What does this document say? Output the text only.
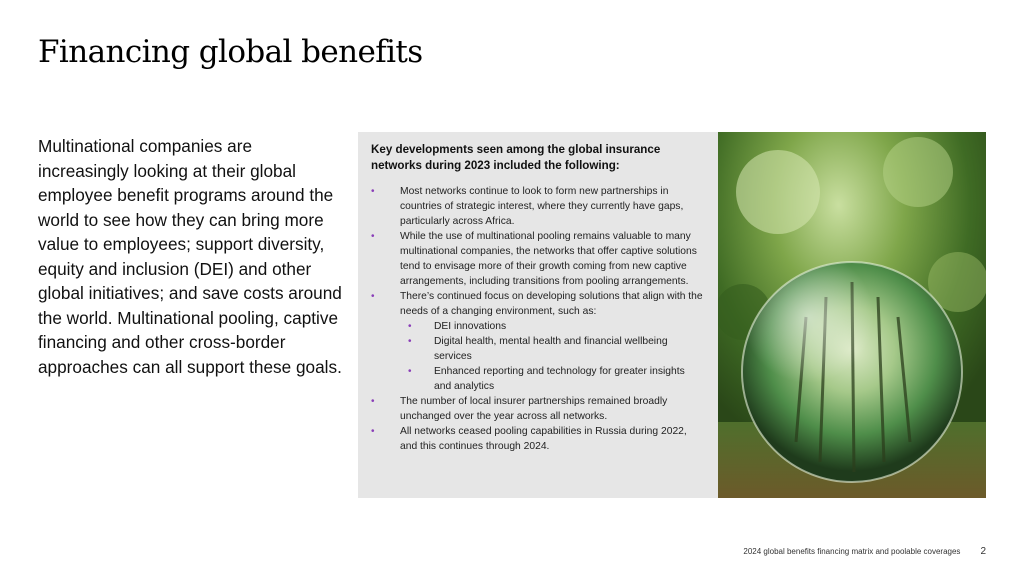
Financing global benefits

Multinational companies are increasingly looking at their global employee benefit programs around the world to see how they can bring more value to employees; support diversity, equity and inclusion (DEI) and other global initiatives; and save costs around the world. Multinational pooling, captive financing and other cross-border approaches can all support these goals.

Key developments seen among the global insurance networks during 2023 included the following:

• Most networks continue to look to form new partnerships in countries of strategic interest, where they currently have gaps, particularly across Africa.
• While the use of multinational pooling remains valuable to many multinational companies, the networks that offer captive solutions tend to envisage more of their growth coming from new captive arrangements, including transitions from pooling arrangements.
• There’s continued focus on developing solutions that align with the needs of a changing environment, such as:
• DEI innovations
• Digital health, mental health and financial wellbeing services
• Enhanced reporting and technology for greater insights and analytics
• The number of local insurer partnerships remained broadly unchanged over the year across all networks.
• All networks ceased pooling capabilities in Russia during 2022, and this continues through 2024.
2024 global benefits financing matrix and poolable coverages 2
